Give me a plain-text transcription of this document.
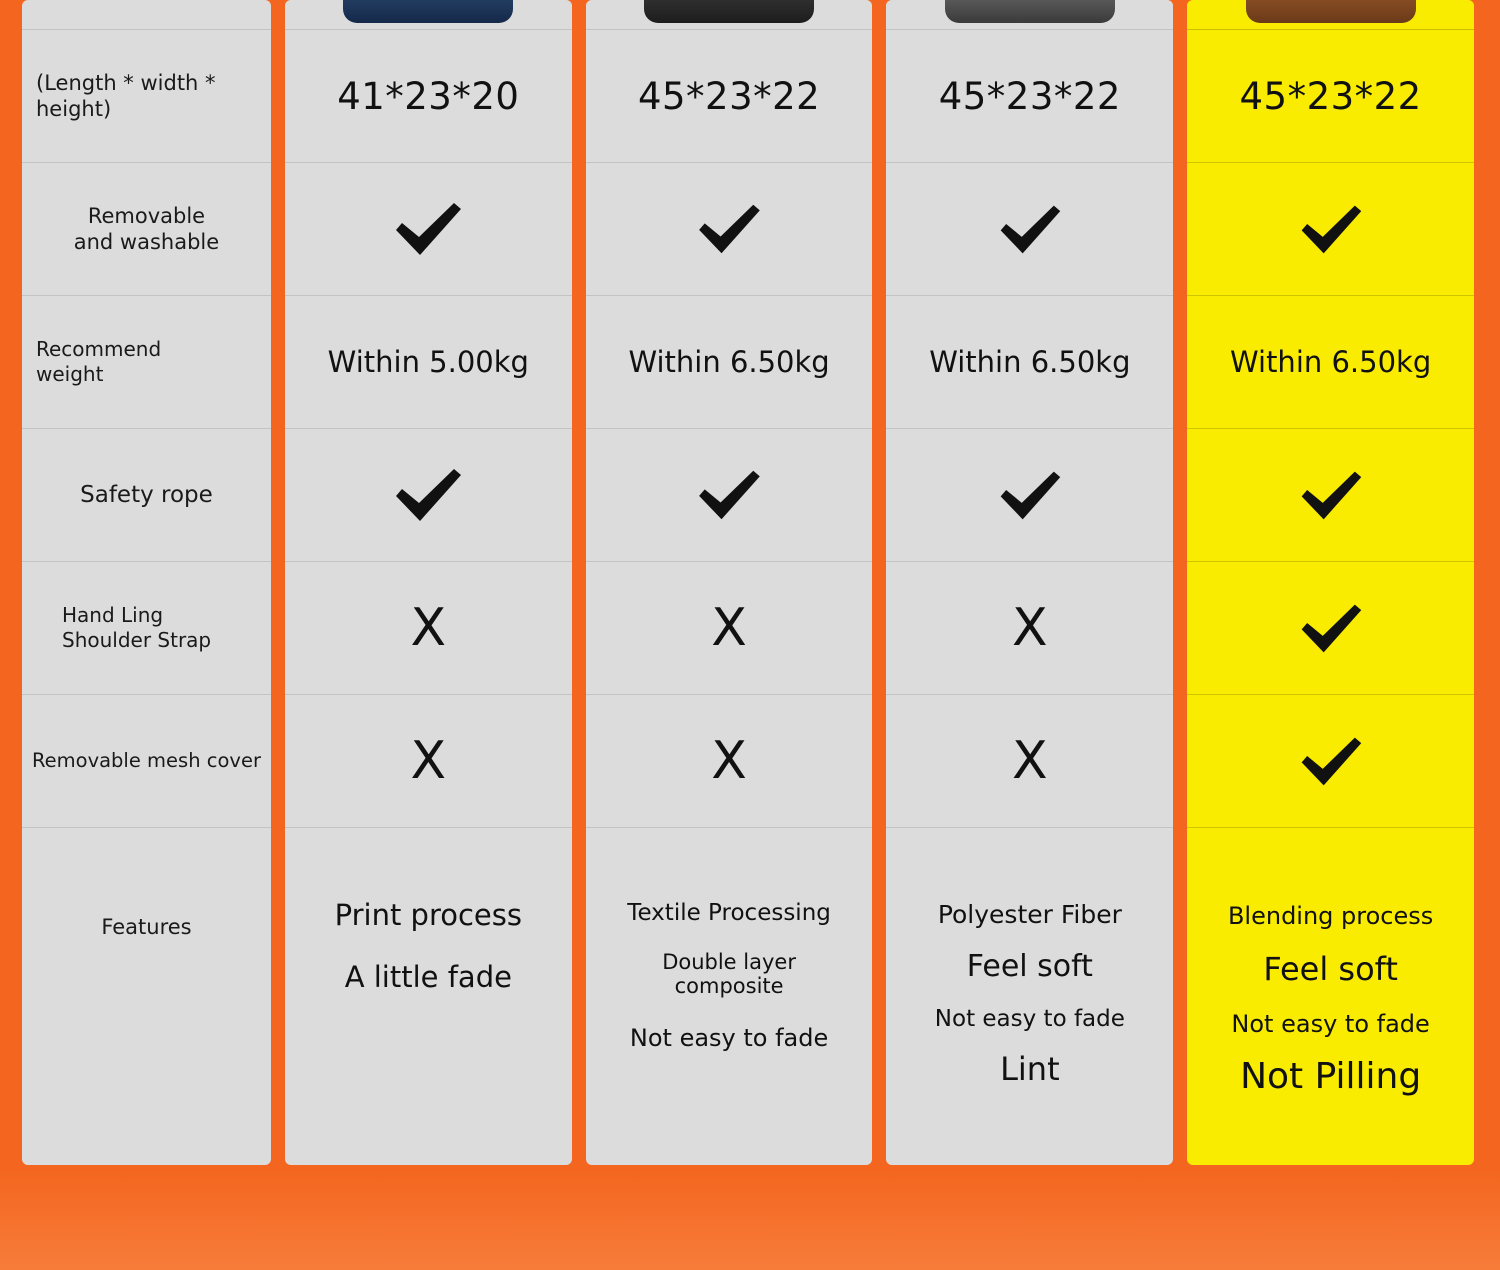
(Length * width * height)
Removable
and washable
Recommend
weight
Safety rope
Hand Ling
Shoulder Strap
Removable mesh cover
Features
41*23*20
Within 5.00kg
X
X
Print process
A little fade
45*23*22
Within 6.50kg
X
X
Textile Processing
Double layer composite
Not easy to fade
45*23*22
Within 6.50kg
X
X
Polyester Fiber
Feel soft
Not easy to fade
Lint
45*23*22
Within 6.50kg
Blending process
Feel soft
Not easy to fade
Not Pilling
